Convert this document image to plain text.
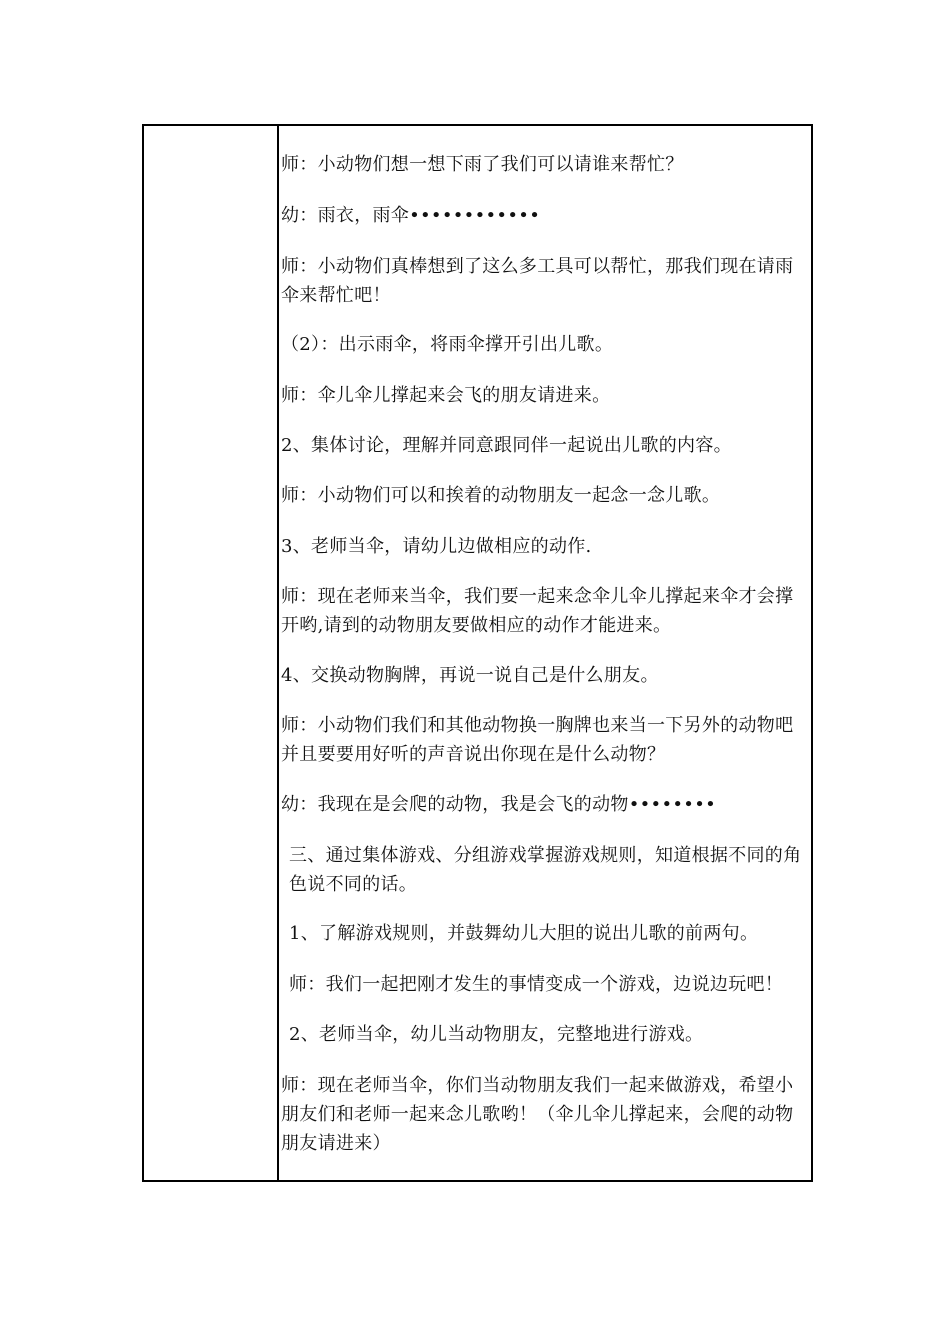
师：小动物们想一想下雨了我们可以请谁来帮忙？

幼：雨衣，雨伞••••••••••••

师：小动物们真棒想到了这么多工具可以帮忙，那我们现在请雨伞来帮忙吧！

（2）：出示雨伞，将雨伞撑开引出儿歌。

师：伞儿伞儿撑起来会飞的朋友请进来。

2、集体讨论，理解并同意跟同伴一起说出儿歌的内容。

师：小动物们可以和挨着的动物朋友一起念一念儿歌。

3、老师当伞，请幼儿边做相应的动作.

师：现在老师来当伞，我们要一起来念伞儿伞儿撑起来伞才会撑开哟,请到的动物朋友要做相应的动作才能进来。

4、交换动物胸牌，再说一说自己是什么朋友。

师：小动物们我们和其他动物换一胸牌也来当一下另外的动物吧并且要要用好听的声音说出你现在是什么动物？

幼：我现在是会爬的动物，我是会飞的动物••••••••

三、通过集体游戏、分组游戏掌握游戏规则，知道根据不同的角色说不同的话。

1、了解游戏规则，并鼓舞幼儿大胆的说出儿歌的前两句。

师：我们一起把刚才发生的事情变成一个游戏，边说边玩吧！

2、老师当伞，幼儿当动物朋友，完整地进行游戏。

师：现在老师当伞，你们当动物朋友我们一起来做游戏，希望小朋友们和老师一起来念儿歌哟！（伞儿伞儿撑起来，会爬的动物朋友请进来）
